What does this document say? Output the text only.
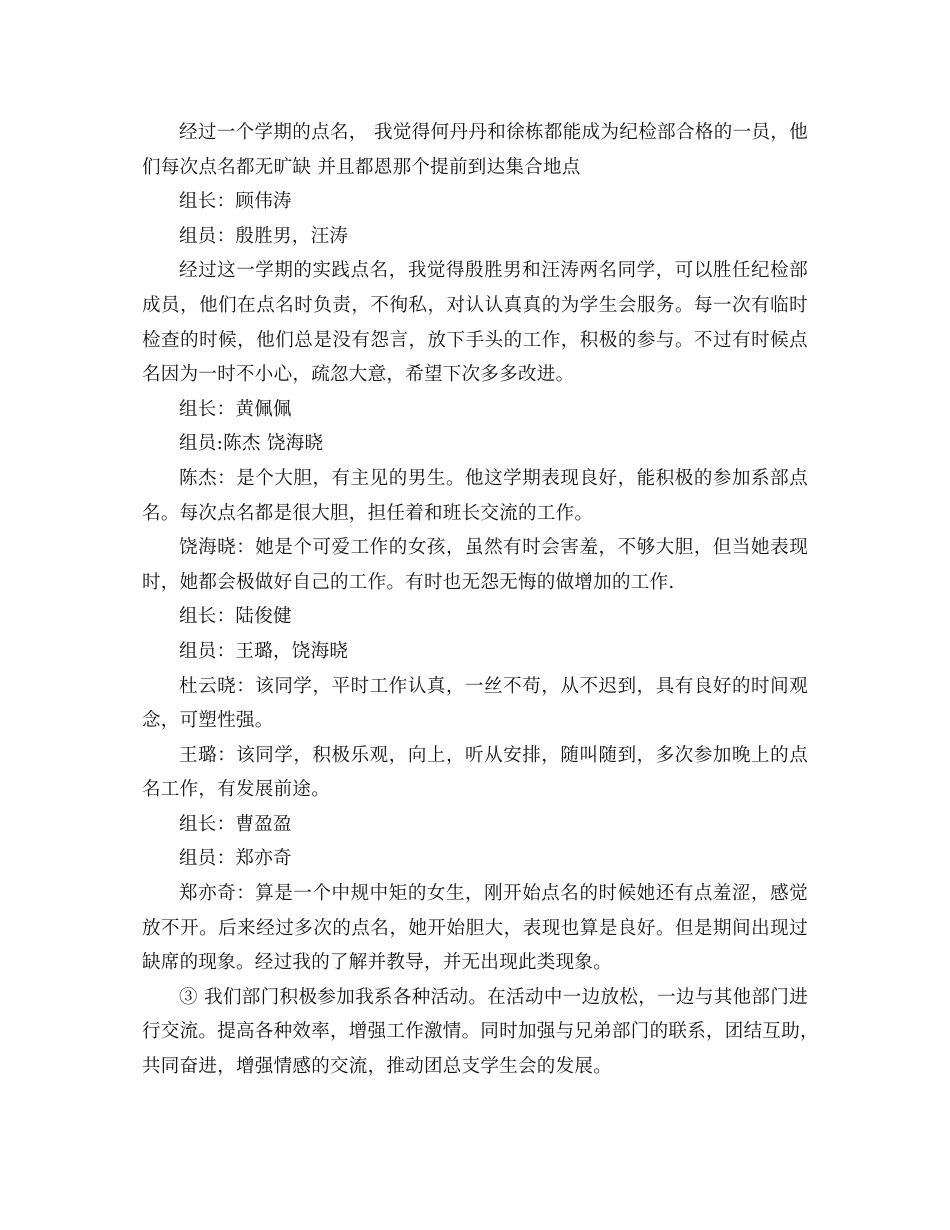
经过一个学期的点名， 我觉得何丹丹和徐栋都能成为纪检部合格的一员，他
们每次点名都无旷缺 并且都恩那个提前到达集合地点
组长：顾伟涛
组员：殷胜男，汪涛
经过这一学期的实践点名，我觉得殷胜男和汪涛两名同学，可以胜任纪检部
成员，他们在点名时负责，不徇私，对认认真真的为学生会服务。每一次有临时
检查的时候，他们总是没有怨言，放下手头的工作，积极的参与。不过有时候点
名因为一时不小心，疏忽大意，希望下次多多改进。
组长：黄佩佩
组员:陈杰 饶海晓
陈杰：是个大胆，有主见的男生。他这学期表现良好，能积极的参加系部点
名。每次点名都是很大胆，担任着和班长交流的工作。
饶海晓：她是个可爱工作的女孩，虽然有时会害羞，不够大胆，但当她表现
时，她都会极做好自己的工作。有时也无怨无悔的做增加的工作.
组长：陆俊健
组员：王璐，饶海晓
杜云晓：该同学，平时工作认真，一丝不苟，从不迟到，具有良好的时间观
念，可塑性强。
王璐：该同学，积极乐观，向上，听从安排，随叫随到，多次参加晚上的点
名工作，有发展前途。
组长：曹盈盈
组员：郑亦奇
郑亦奇：算是一个中规中矩的女生，刚开始点名的时候她还有点羞涩，感觉
放不开。后来经过多次的点名，她开始胆大，表现也算是良好。但是期间出现过
缺席的现象。经过我的了解并教导，并无出现此类现象。
③ 我们部门积极参加我系各种活动。在活动中一边放松，一边与其他部门进
行交流。提高各种效率，增强工作激情。同时加强与兄弟部门的联系，团结互助，
共同奋进，增强情感的交流，推动团总支学生会的发展。
